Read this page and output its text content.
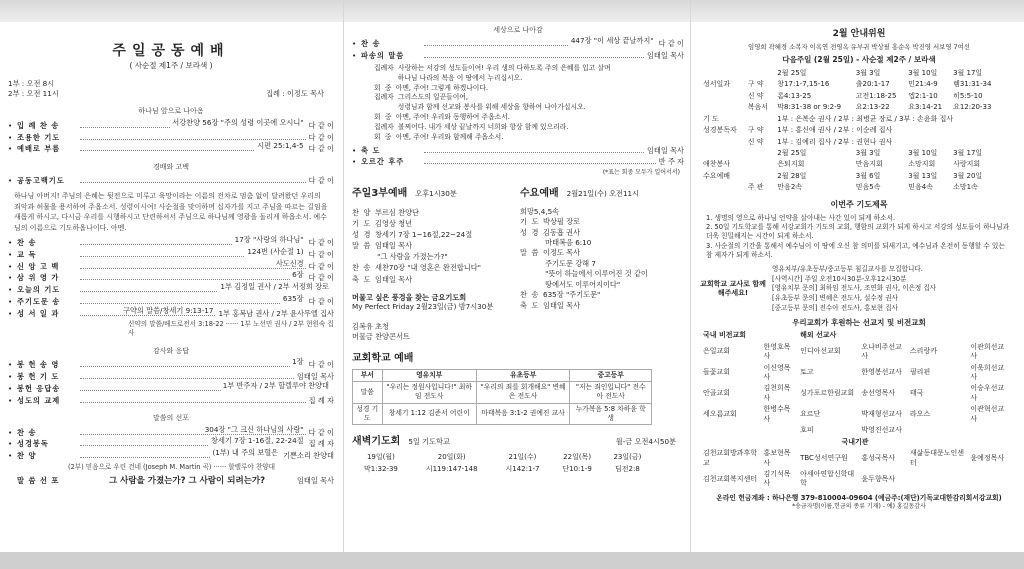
주일공동예배
( 사순절 제1주 / 보라색 )
1부 : 오전 8시
2부 : 오전 11시	집례 : 이정도 목사
하나님 앞으로 나아옴
• 입 례 찬 송	서강찬양 56장 "주의 성령 이곳에 오시니" 다 같 이
• 조용한 기도	다 같 이
• 예배로 부름	시편 25:1,4-5 다 같 이
경배와 고백
• 공동고백기도	다 같 이
하나님 아버지! 주님의 은혜는 뒷전으로 미루고 육망이라는 이름의 전차로 멈춤 없이 달려왔던 우리의 죄악과 허물을 용서하여 주옵소서. 성령이시여! 사순절을 맞이하며 십자가를 지고 주님을 따르는 길임을 새롭게 하시고, 다시금 우리를 시행하시고 단련하셔서 주님으로 하나님께 영광을 돌리게 하옵소서. 예수님의 이름으로 기도하옵나이다. 아멘.
• 찬 송	17장 "사랑의 하나님" 다 같 이
• 교 독	124번 (사순절 1) 다 같 이
• 신 앙 고 백	사도신경 다 같 이
• 삼 위 영 가	6장 다 같 이
• 오늘의 기도	1부 김정일 권사 / 2부 서정희 장로
• 주기도문 송	635장 다 같 이
• 성 서 일 과	구약의 말씀/창세기 9:13-17 1부 홍복남 권사 / 2부 윤사무엘 집사
신약의 말씀/베드로전서 3:18-22 ······ 1부 노선민 권사 / 2부 현원숙 집사
감사와 응답
• 봉 헌 송 영	1장 다 같 이
• 봉 헌 기 도	임태일 목사
• 봉헌 응답송	1부 반주자 / 2부 할렐루야 찬양대
• 성도의 교제	집 례 자
말씀의 선포
• 찬 송	304장 "그 크신 하나님의 사랑" 다 같 이
• 성경봉독	창세기 7장 1-16절, 22-24절 집 례 자
• 찬 양	(1부) 내 주의 보혈은 기쁜소리 찬양대
(2부) 믿음으로 우린 건네 (Joseph M. Martin 곡) ······ 할렐루야 찬양대
말 씀 선 포	그 사람을 가졌는가? 그 사람이 되려는가?	임태일 목사
세상으로 나아감
• 찬 송	447장 "이 세상 끝날까지" 다 같 이
• 파송의 말씀	임태일 목사
집례자  사랑하는 서강의 성도들이여! 우리 생의 다하도록 주의 은혜를 입고 살며
하나님 나라의 복음 이 땅에서 누리십시오.
회  중  아멘, 주여! 그렇게 하겠나이다.
집례자  그리스도의 일꾼들이여,
성령님과 함께 선교와 봉사를 위해 세상을 향하여 나아가십시오.
회  중  아멘, 주여! 우리와 동행하여 주옵소서.
집례자  볼찌어다. 내가 세상 끝날까지 너희와 항상 함께 있으리라.
회  중  아멘, 주여! 우리와 함께해 주옵소서.
• 축 도	임태일 목사
• 오르간 후주	반 주 자
(*표는 회중 모두가 일어서서)
주일3부예배 오후1시30분
찬  양  부르심 찬양단
기  도  김영상 청년
성  경  창세기 7장 1~16절,22~24절
말  씀  임태일 목사
"그 사람을 가졌는가?"
찬  송  새찬70장 "내 영혼은 완전합니다"
축  도  임태일 목사
머물고 싶은 풍경을 찾는 금요기도회
My Perfect Friday 2월23일(금) 밤7시30분
김복유 초청
머물금 찬양콘서트
수요예배 2월21일(수) 오전11시
희망5,4,5속
기  도  박상필 장로
성  경  김동흡 권사
마태복음 6:10
말  씀  이정도 목사
주기도문 강해 7
"뜻이 하늘에서 이루어진 것 같이
땅에서도 이루어지이다"
찬  송  635장 "주기도문"
축  도  임태일 목사
교회학교 예배
부서	영유치부	유초등부	중고등부
말씀	"우리는 정원사입니다!" 최하임 전도사	"우리의 죄를 회개해요" 변혜은 전도사	"저는 죄인입니다" 전수아 전도사
성경 기도	창세기 1:12 김준서 어린이	마태복음 3:1-2 권예진 교사	누가복음 5:8 차하윤 학생
새벽기도회 5일 기도학교	월-금 오전4시50분
19일(월)	20일(화)	21일(수)	22일(목)	23일(금)
막1:32-39	시119:147-148	시142:1-7	단10:1-9	딤전2:8
2월 안내위원
임영희 곽혜경 소복자 이옥연 전영옥 유부귀 박상필 홍순옥 박진영 서보영 7여선
다음주일 (2월 25일) - 사순절 제2주 / 보라색
		2월 25일	3월 3일	3월 10일	3월 17일
성서일과	구 약	창17:1-7,15-16	출20:1-17	민21:4-9	렘31:31-34
	신 약	롬4:13-25	고전1:18-25	엡2:1-10	히5:5-10
	복음서	막8:31-38 or 9:2-9	요2:13-22	요3:14-21	요12:20-33
기 도		1부 : 은복순 권사 / 2부 : 최병균 장로 / 3부 : 손윤화 집사			
성경봉독자	구 약	1부 : 홍신애 권사 / 2부 : 이순례 집사			
	신 약	1부 : 김예리 집사 / 2부 : 권현나 권사			
		2월 25일	3월 3일	3월 10일	3월 17일
애찬봉사		은퇴지회	만음지회	소망지회	사랑지회
수요예배		2월 28일	3월 6일	3월 13일	3월 20일
	주 관	만음2속	믿음5속	믿음4속	소망1속
이번주 기도제목
1. 생명의 영으로 하나님 언약을 살아내는 사간 있이 되게 하소서.
2. 50일 기도학교를 통해 서강교회가 기도의 교회, 행함의 교회가 되게 하시고 서강의 성도들이 하나님과 더욱 친밀해지는 시간이 되게 하소서.
3. 사순절의 기간을 통해서 예수님이 이 땅에 오신 참 의미를 되새기고, 예수님과 온전히 동행할 수 있는 참 제자가 되게 하소서.
교회학교 교사로 함께 해주세요!
영유치부/유초등부/중고등부 침길교사를 모집합니다.
[사역시간] 주일 오전10시30분-오후12시30분
[영유치부 문의] 최하임 전도사, 조연화 권사, 이은정 집사
[유초등부 문의] 변혜은 전도사, 설수정 권사
[중고등부 문의] 전수아 전도사, 홍보현 집사
우리교회가 후원하는 선교지 및 비전교회
국내 비전교회		해외 선교사			
은일교회	한영호목사	인디아선교회	오나비주선교사	스리랑카	이관희선교사
들꽃교회	이신영목사	토고	한영봉선교사	필리핀	이욱희선교사
안골교회	김천희목사	싱가포르한림교회	송선영목사	태국	이승우선교사
세오름교회	한병수목사	요르단	박재형선교사	라오스	이관혁선교사
		호피	박영진선교사		
국내기관					
김천교회방과후학교	홍보현목사	TBC성서연구원	홍성국목사	새삶동대문노인센터	윤예정목사
김천교회복지센터	김기석목사	아세아연합신학대학	윤두향목사		
온라인 헌금계좌 : 하나은행 379-810004-09604 (예금주:(재단)기독교대한감리회서강교회)
*송금자명(이름,헌금의 종류 기재) - 예) 홍길동감사
